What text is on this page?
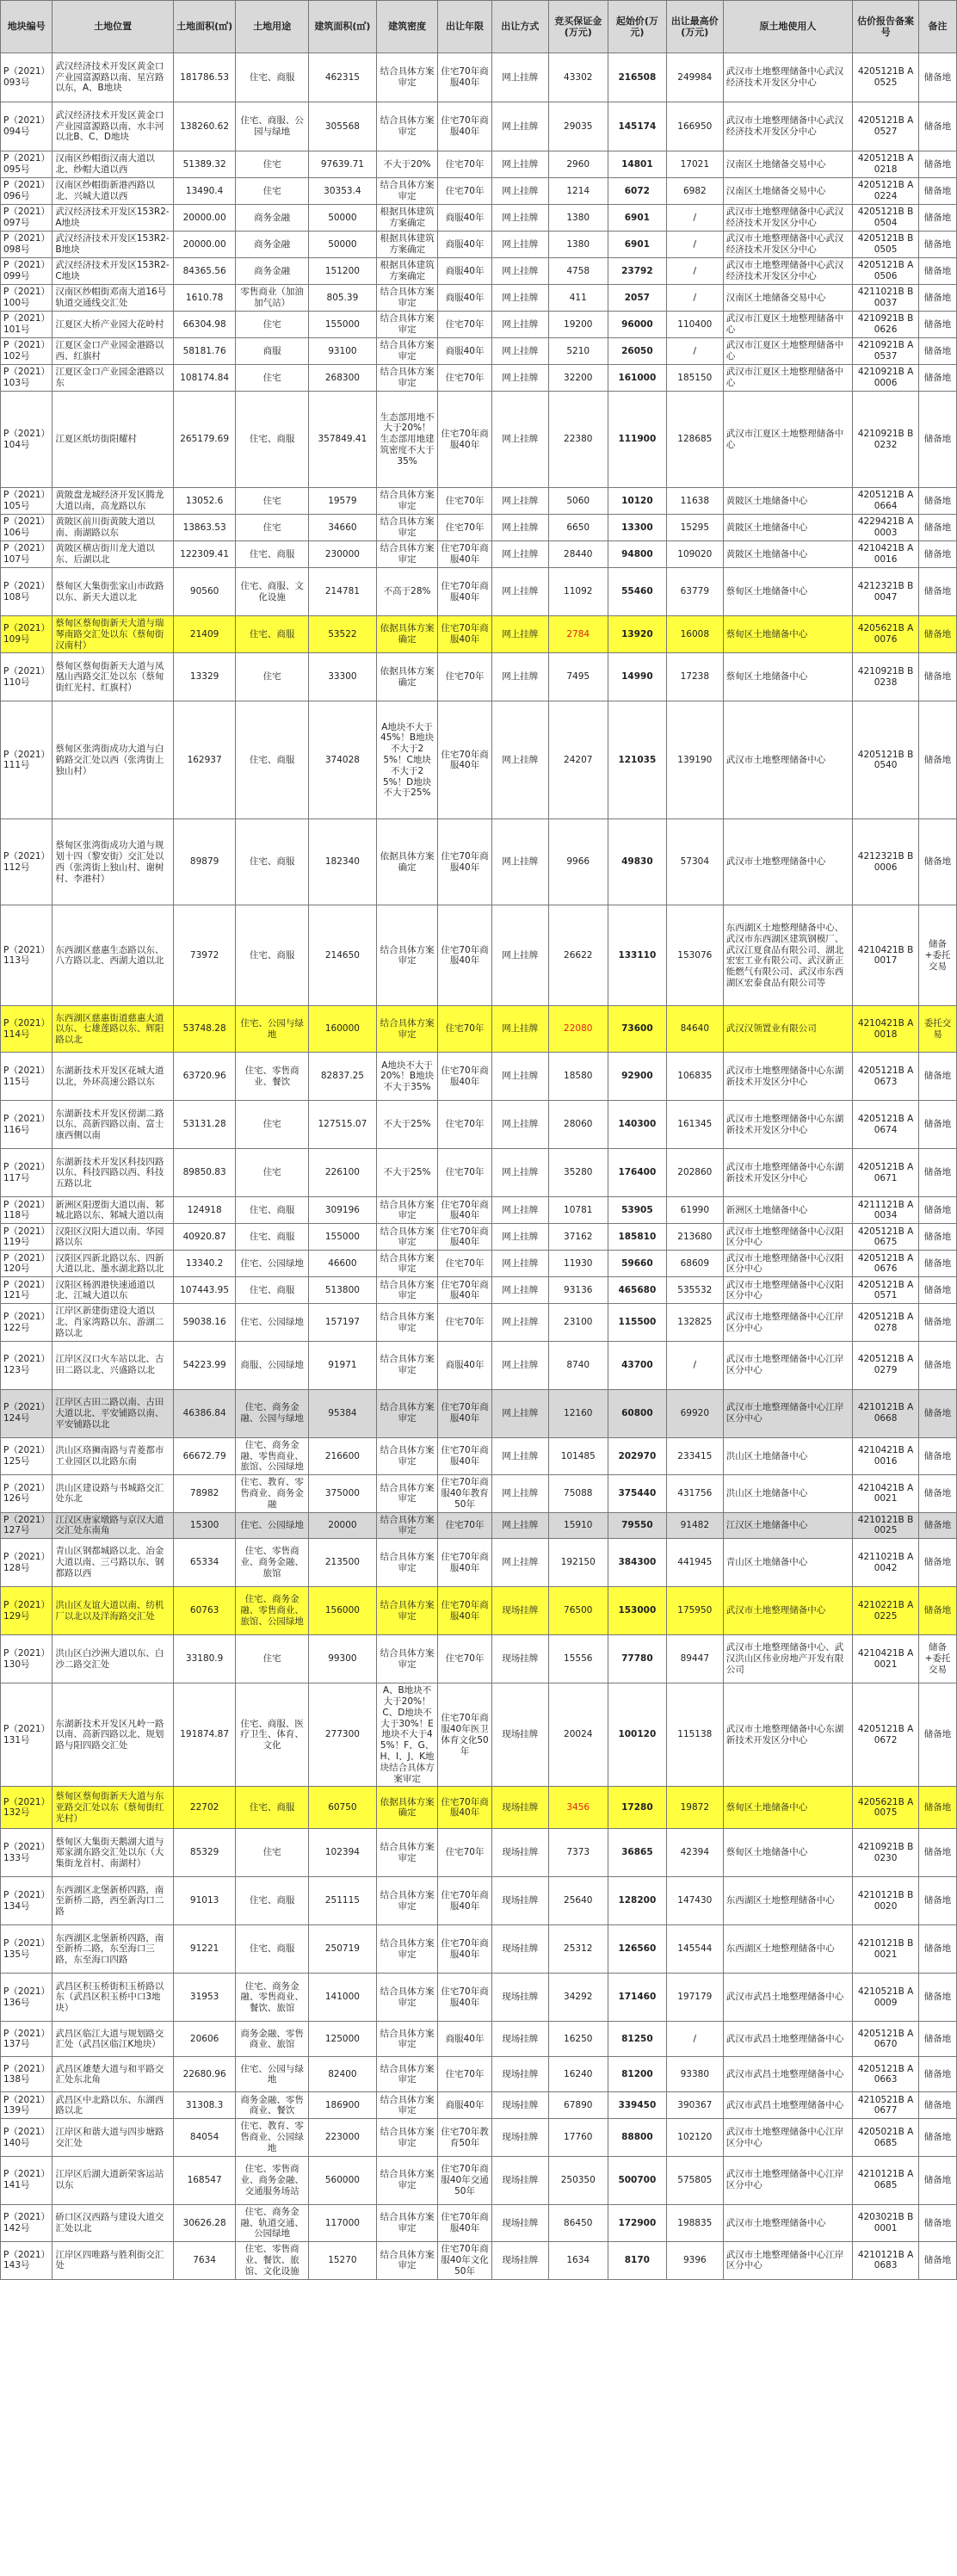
地块编号	土地位置	土地面积(㎡)	土地用途	建筑面积(㎡)	建筑密度	出让年限	出让方式	竞买保证金(万元)	起始价(万元)	出让最高价(万元)	原土地使用人	估价报告备案号	备注
P（2021）093号	武汉经济技术开发区黄金口产业园富源路以南、星宫路以东，A、B地块	181786.53	住宅、商服	462315	结合具体方案审定	住宅70年商服40年	网上挂牌	43302	216508	249984	武汉市土地整理储备中心武汉经济技术开发区分中心	4205121B A0525	储备地
P（2021）094号	武汉经济技术开发区黄金口产业园富源路以南、水丰河以北B、C、D地块	138260.62	住宅、商服、公园与绿地	305568	结合具体方案审定	住宅70年商服40年	网上挂牌	29035	145174	166950	武汉市土地整理储备中心武汉经济技术开发区分中心	4205121B A0527	储备地
P（2021）095号	汉南区纱帽街汉南大道以北、纱帽大道以西	51389.32	住宅	97639.71	不大于20%	住宅70年	网上挂牌	2960	14801	17021	汉南区土地储备交易中心	4205121B A0218	储备地
P（2021）096号	汉南区纱帽街新港西路以北、兴城大道以西	13490.4	住宅	30353.4	结合具体方案审定	住宅70年	网上挂牌	1214	6072	6982	汉南区土地储备交易中心	4205121B A0224	储备地
P（2021）097号	武汉经济技术开发区153R2-A地块	20000.00	商务金融	50000	根据具体建筑方案确定	商服40年	网上挂牌	1380	6901	/	武汉市土地整理储备中心武汉经济技术开发区分中心	4205121B B0504	储备地
P（2021）098号	武汉经济技术开发区153R2-B地块	20000.00	商务金融	50000	根据具体建筑方案确定	商服40年	网上挂牌	1380	6901	/	武汉市土地整理储备中心武汉经济技术开发区分中心	4205121B B0505	储备地
P（2021）099号	武汉经济技术开发区153R2-C地块	84365.56	商务金融	151200	根据具体建筑方案确定	商服40年	网上挂牌	4758	23792	/	武汉市土地整理储备中心武汉经济技术开发区分中心	4205121B A0506	储备地
P（2021）100号	汉南区纱帽街邓南大道16号轨道交通线交汇处	1610.78	零售商业（加油加气站）	805.39	结合具体方案审定	商服40年	网上挂牌	411	2057	/	汉南区土地储备交易中心	4211021B B0037	储备地
P（2021）101号	江夏区大桥产业园大花岭村	66304.98	住宅	155000	结合具体方案审定	住宅70年	网上挂牌	19200	96000	110400	武汉市江夏区土地整理储备中心	4210921B B0626	储备地
P（2021）102号	江夏区金口产业园金港路以西、红旗村	58181.76	商服	93100	结合具体方案审定	商服40年	网上挂牌	5210	26050	/	武汉市江夏区土地整理储备中心	4210921B A0537	储备地
P（2021）103号	江夏区金口产业园金港路以东	108174.84	住宅	268300	结合具体方案审定	住宅70年	网上挂牌	32200	161000	185150	武汉市江夏区土地整理储备中心	4210921B A0006	储备地
P（2021）104号	江夏区纸坊街阳耀村	265179.69	住宅、商服	357849.41	生态部用地不大于20%！生态部用地建筑密度不大于35%	住宅70年商服40年	网上挂牌	22380	111900	128685	武汉市江夏区土地整理储备中心	4210921B B0232	储备地
P（2021）105号	黄陂盘龙城经济开发区腾龙大道以南，高龙路以东	13052.6	住宅	19579	结合具体方案审定	住宅70年	网上挂牌	5060	10120	11638	黄陂区土地储备中心	4205121B A0664	储备地
P（2021）106号	黄陂区前川街黄陂大道以南、南湖路以东	13863.53	住宅	34660	结合具体方案审定	住宅70年	网上挂牌	6650	13300	15295	黄陂区土地储备中心	4229421B A0003	储备地
P（2021）107号	黄陂区横店街川龙大道以东、后湖以北	122309.41	住宅、商服	230000	结合具体方案审定	住宅70年商服40年	网上挂牌	28440	94800	109020	黄陂区土地储备中心	4210421B A0016	储备地
P（2021）108号	蔡甸区大集街张家山市政路以东、新天大道以北	90560	住宅、商服、文化设施	214781	不高于28%	住宅70年商服40年	网上挂牌	11092	55460	63779	蔡甸区土地储备中心	4212321B B0047	储备地
P（2021）109号	蔡甸区蔡甸街新天大道与瑞琴南路交汇处以东（蔡甸街汉南村）	21409	住宅、商服	53522	依据具体方案确定	住宅70年商服40年	网上挂牌	2784	13920	16008	蔡甸区土地储备中心	4205621B A0076	储备地
P（2021）110号	蔡甸区蔡甸街新天大道与凤凰山西路交汇处以东（蔡甸街红光村、红旗村）	13329	住宅	33300	依据具体方案确定	住宅70年	网上挂牌	7495	14990	17238	蔡甸区土地储备中心	4210921B B0238	储备地
P（2021）111号	蔡甸区张湾街成功大道与白鹤路交汇处以西（张湾街上独山村）	162937	住宅、商服	374028	A地块不大于45%！B地块不大于25%！C地块不大于25%！D地块不大于25%	住宅70年商服40年	网上挂牌	24207	121035	139190	武汉市土地整理储备中心	4205121B B0540	储备地
P（2021）112号	蔡甸区张湾街成功大道与规划十四（黎安街）交汇处以西（张湾街上独山村、谢树村、李港村）	89879	住宅、商服	182340	依据具体方案确定	住宅70年商服40年	网上挂牌	9966	49830	57304	武汉市土地整理储备中心	4212321B B0006	储备地
P（2021）113号	东西湖区慈惠生态路以东、八方路以北、西湖大道以北	73972	住宅、商服	214650	结合具体方案审定	住宅70年商服40年	网上挂牌	26622	133110	153076	东西湖区土地整理储备中心、武汉市东西湖区建筑钢模厂、武汉江夏食品有限公司、湖北宏宏工业有限公司、武汉新正能燃气有限公司、武汉市东西湖区宏泰食品有限公司等	4210421B B0017	储备+委托交易
P（2021）114号	东西湖区慈惠街道慈惠大道以东、七雄莲路以东、辉阳路以北	53748.28	住宅、公园与绿地	160000	结合具体方案审定	住宅70年	网上挂牌	22080	73600	84640	武汉汉领置业有限公司	4210421B A0018	委托交易
P（2021）115号	东湖新技术开发区花城大道以北，外环高速公路以东	63720.96	住宅、零售商业、餐饮	82837.25	A地块不大于20%！B地块不大于35%	住宅70年商服40年	网上挂牌	18580	92900	106835	武汉市土地整理储备中心东湖新技术开发区分中心	4205121B A0673	储备地
P（2021）116号	东湖新技术开发区傍湖二路以东、高新四路以南、富士康西侧以南	53131.28	住宅	127515.07	不大于25%	住宅70年	网上挂牌	28060	140300	161345	武汉市土地整理储备中心东湖新技术开发区分中心	4205121B A0674	储备地
P（2021）117号	东湖新技术开发区科技四路以东、科技四路以西、科技五路以北	89850.83	住宅	226100	不大于25%	住宅70年	网上挂牌	35280	176400	202860	武汉市土地整理储备中心东湖新技术开发区分中心	4205121B A0671	储备地
P（2021）118号	新洲区阳逻街大道以南、邾城北路以东、邾城大道以南	124918	住宅、商服	309196	结合具体方案审定	住宅70年商服40年	网上挂牌	10781	53905	61990	新洲区土地储备中心	4211121B A0034	储备地
P（2021）119号	汉阳区汉阳大道以南、华园路以东	40920.87	住宅、商服	155000	结合具体方案审定	住宅70年商服40年	网上挂牌	37162	185810	213680	武汉市土地整理储备中心汉阳区分中心	4205121B A0675	储备地
P（2021）120号	汉阳区四新北路以东、四新大道以北、墨水湖北路以北	13340.2	住宅、公园绿地	46600	结合具体方案审定	住宅70年	网上挂牌	11930	59660	68609	武汉市土地整理储备中心汉阳区分中心	4205121B A0676	储备地
P（2021）121号	汉阳区杨泗港快速通道以北、江城大道以东	107443.95	住宅、商服	513800	结合具体方案审定	住宅70年商服40年	网上挂牌	93136	465680	535532	武汉市土地整理储备中心汉阳区分中心	4205121B A0571	储备地
P（2021）122号	江岸区新建街建设大道以北、肖家湾路以东、游湖二路以北	59038.16	住宅、公园绿地	157197	结合具体方案审定	住宅70年	网上挂牌	23100	115500	132825	武汉市土地整理储备中心江岸区分中心	4205121B A0278	储备地
P（2021）123号	江岸区汉口火车站以北、古田二路以北、兴盛路以北	54223.99	商服、公园绿地	91971	结合具体方案审定	商服40年	网上挂牌	8740	43700	/	武汉市土地整理储备中心江岸区分中心	4205121B A0279	储备地
P（2021）124号	江岸区古田二路以南、古田大道以北、平安铺路以南、平安铺路以北	46386.84	住宅、商务金融、公园与绿地	95384	结合具体方案审定	住宅70年商服40年	网上挂牌	12160	60800	69920	武汉市土地整理储备中心江岸区分中心	4210121B A0668	储备地
P（2021）125号	洪山区珞狮南路与青菱都市工业园区以北路东南	66672.79	住宅、商务金融、零售商业、旅馆、公园绿地	216600	结合具体方案审定	住宅70年商服40年	网上挂牌	101485	202970	233415	洪山区土地储备中心	4210421B A0016	储备地
P（2021）126号	洪山区建设路与书城路交汇处东北	78982	住宅、教育、零售商业、商务金融	375000	结合具体方案审定	住宅70年商服40年教育50年	网上挂牌	75088	375440	431756	洪山区土地储备中心	4210421B A0021	储备地
P（2021）127号	江汉区唐家墩路与京汉大道交汇处东南角	15300	住宅、公园绿地	20000	结合具体方案审定	住宅70年	网上挂牌	15910	79550	91482	江汉区土地储备中心	4210121B B0025	储备地
P（2021）128号	青山区钢都城路以北、冶金大道以南、三弓路以东、钢都路以西	65334	住宅、零售商业、商务金融、旅馆	213500	结合具体方案审定	住宅70年商服40年	网上挂牌	192150	384300	441945	青山区土地储备中心	4211021B A0042	储备地
P（2021）129号	洪山区友谊大道以南、纺机厂以北以及洋海路交汇处	60763	住宅、商务金融、零售商业、旅馆、公园绿地	156000	结合具体方案审定	住宅70年商服40年	现场挂牌	76500	153000	175950	武汉市土地整理储备中心	4210221B A0225	储备地
P（2021）130号	洪山区白沙洲大道以东、白沙二路交汇处	33180.9	住宅	99300	结合具体方案审定	住宅70年	现场挂牌	15556	77780	89447	武汉市土地整理储备中心、武汉洪山区伟业房地产开发有限公司	4210421B A0021	储备+委托交易
P（2021）131号	东湖新技术开发区凡岭一路以南、高新四路以北、规划路与阳四路交汇处	191874.87	住宅、商服、医疗卫生、体育、文化	277300	A、B地块不大于20%！C、D地块不大于30%！E地块不大于45%！F、G、H、I、J、K地块结合具体方案审定	住宅70年商服40年医卫体育文化50年	现场挂牌	20024	100120	115138	武汉市土地整理储备中心东湖新技术开发区分中心	4205121B A0672	储备地
P（2021）132号	蔡甸区蔡甸街新天大道与东亚路交汇处以东（蔡甸街红光村）	22702	住宅、商服	60750	依据具体方案确定	住宅70年商服40年	现场挂牌	3456	17280	19872	蔡甸区土地储备中心	4205621B A0075	储备地
P（2021）133号	蔡甸区大集街天鹅湖大道与郑家湖东路交汇处以东（大集街龙首村、南湖村）	85329	住宅	102394	结合具体方案审定	住宅70年	现场挂牌	7373	36865	42394	蔡甸区土地储备中心	4210921B B0230	储备地
P（2021）134号	东西湖区北堡新桥四路，南至新桥二路，西至新沟口二路	91013	住宅、商服	251115	结合具体方案审定	住宅70年商服40年	现场挂牌	25640	128200	147430	东西湖区土地整理储备中心	4210121B B0020	储备地
P（2021）135号	东西湖区北堡新桥四路，南至新桥二路，东至海口三路，东至海口四路	91221	住宅、商服	250719	结合具体方案审定	住宅70年商服40年	现场挂牌	25312	126560	145544	东西湖区土地整理储备中心	4210121B B0021	储备地
P（2021）136号	武昌区积玉桥街积玉桥路以东（武昌区积玉桥中口3地块）	31953	住宅、商务金融、零售商业、餐饮、旅馆	141000	结合具体方案审定	住宅70年商服40年	现场挂牌	34292	171460	197179	武汉市武昌土地整理储备中心	4210521B A0009	储备地
P（2021）137号	武昌区临江大道与规划路交汇处（武昌区临江K地块）	20606	商务金融、零售商业、旅馆	125000	结合具体方案审定	商服40年	现场挂牌	16250	81250	/	武汉市武昌土地整理储备中心	4205121B A0670	储备地
P（2021）138号	武昌区雄楚大道与和平路交汇处东北角	22680.96	住宅、公园与绿地	82400	结合具体方案审定	住宅70年	现场挂牌	16240	81200	93380	武汉市武昌土地整理储备中心	4205121B A0663	储备地
P（2021）139号	武昌区中北路以东、东湖西路以北	31308.3	商务金融、零售商业、餐饮	186900	结合具体方案审定	商服40年	现场挂牌	67890	339450	390367	武汉市武昌土地整理储备中心	4210521B A0677	储备地
P（2021）140号	江岸区和谐大道与四步塘路交汇处	84054	住宅、教育、零售商业、公园绿地	223000	结合具体方案审定	住宅70年教育50年	现场挂牌	17760	88800	102120	武汉市土地整理储备中心江岸区分中心	4205021B A0685	储备地
P（2021）141号	江岸区后湖大道新荣客运站以东	168547	住宅、零售商业、商务金融、交通服务场站	560000	结合具体方案审定	住宅70年商服40年交通50年	现场挂牌	250350	500700	575805	武汉市土地整理储备中心江岸区分中心	4210121B A0685	储备地
P（2021）142号	硚口区汉西路与建设大道交汇处以北	30626.28	住宅、商务金融、轨道交通、公园绿地	117000	结合具体方案审定	住宅70年商服40年	现场挂牌	86450	172900	198835	武汉市土地整理储备中心	4203021B B0001	储备地
P（2021）143号	江岸区四唯路与胜利街交汇处	7634	住宅、零售商业、餐饮、旅馆、文化设施	15270	结合具体方案审定	住宅70年商服40年文化50年	现场挂牌	1634	8170	9396	武汉市土地整理储备中心江岸区分中心	4210121B A0683	储备地
